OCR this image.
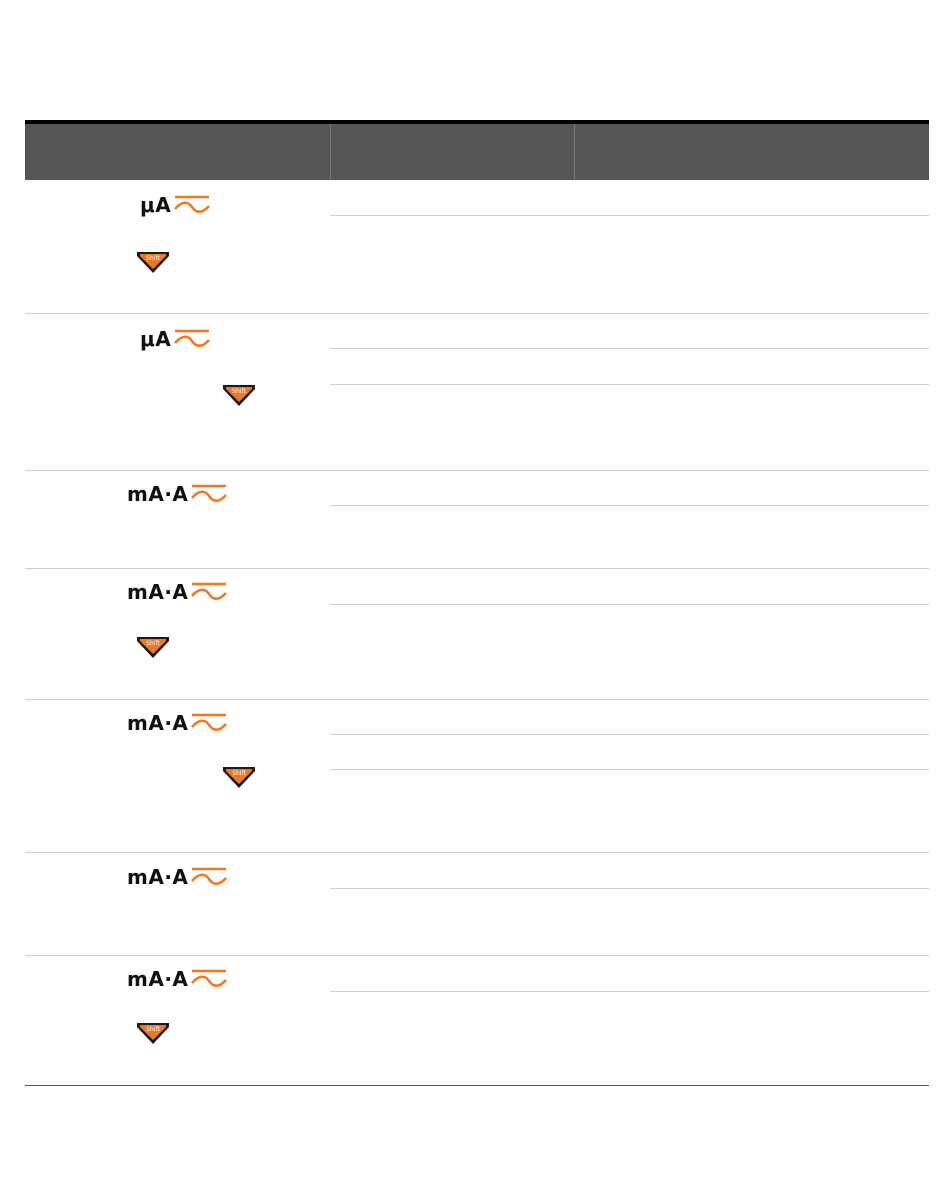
μA
Shift
μA
Shift
mA·A
mA·A
Shift
mA·A
Shift
mA·A
mA·A
Shift
